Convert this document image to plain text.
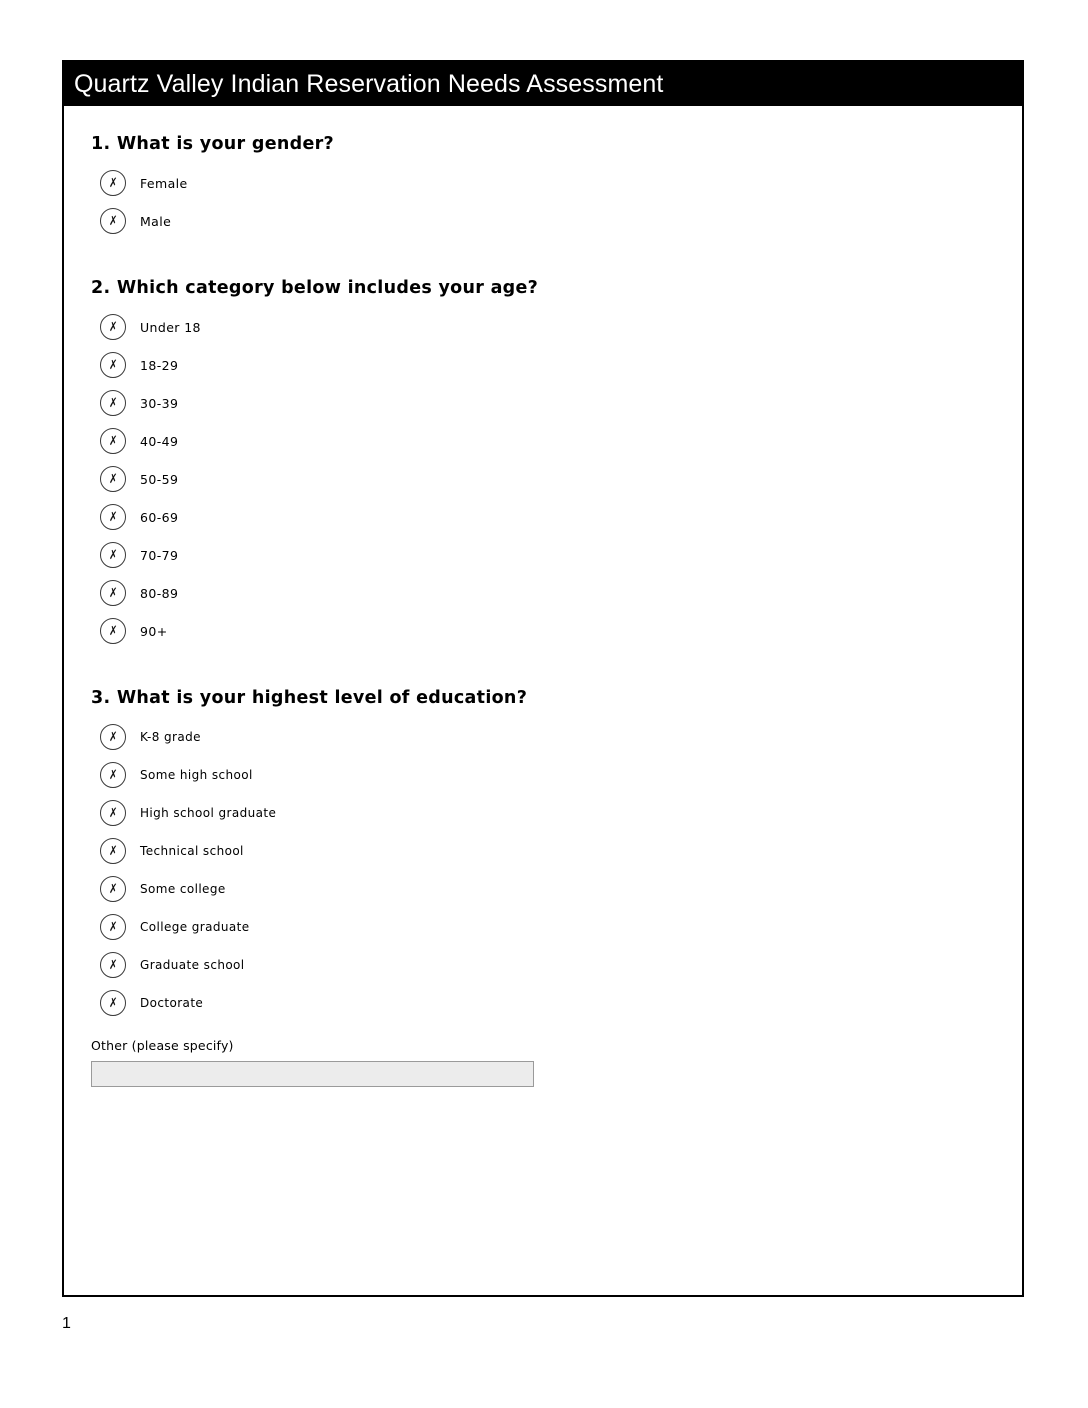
Quartz Valley Indian Reservation Needs Assessment
1. What is your gender?
✗ Female
✗ Male
2. Which category below includes your age?
✗ Under 18
✗ 18-29
✗ 30-39
✗ 40-49
✗ 50-59
✗ 60-69
✗ 70-79
✗ 80-89
✗ 90+
3. What is your highest level of education?
✗ K-8 grade
✗ Some high school
✗ High school graduate
✗ Technical school
✗ Some college
✗ College graduate
✗ Graduate school
✗ Doctorate
Other (please specify)
1
